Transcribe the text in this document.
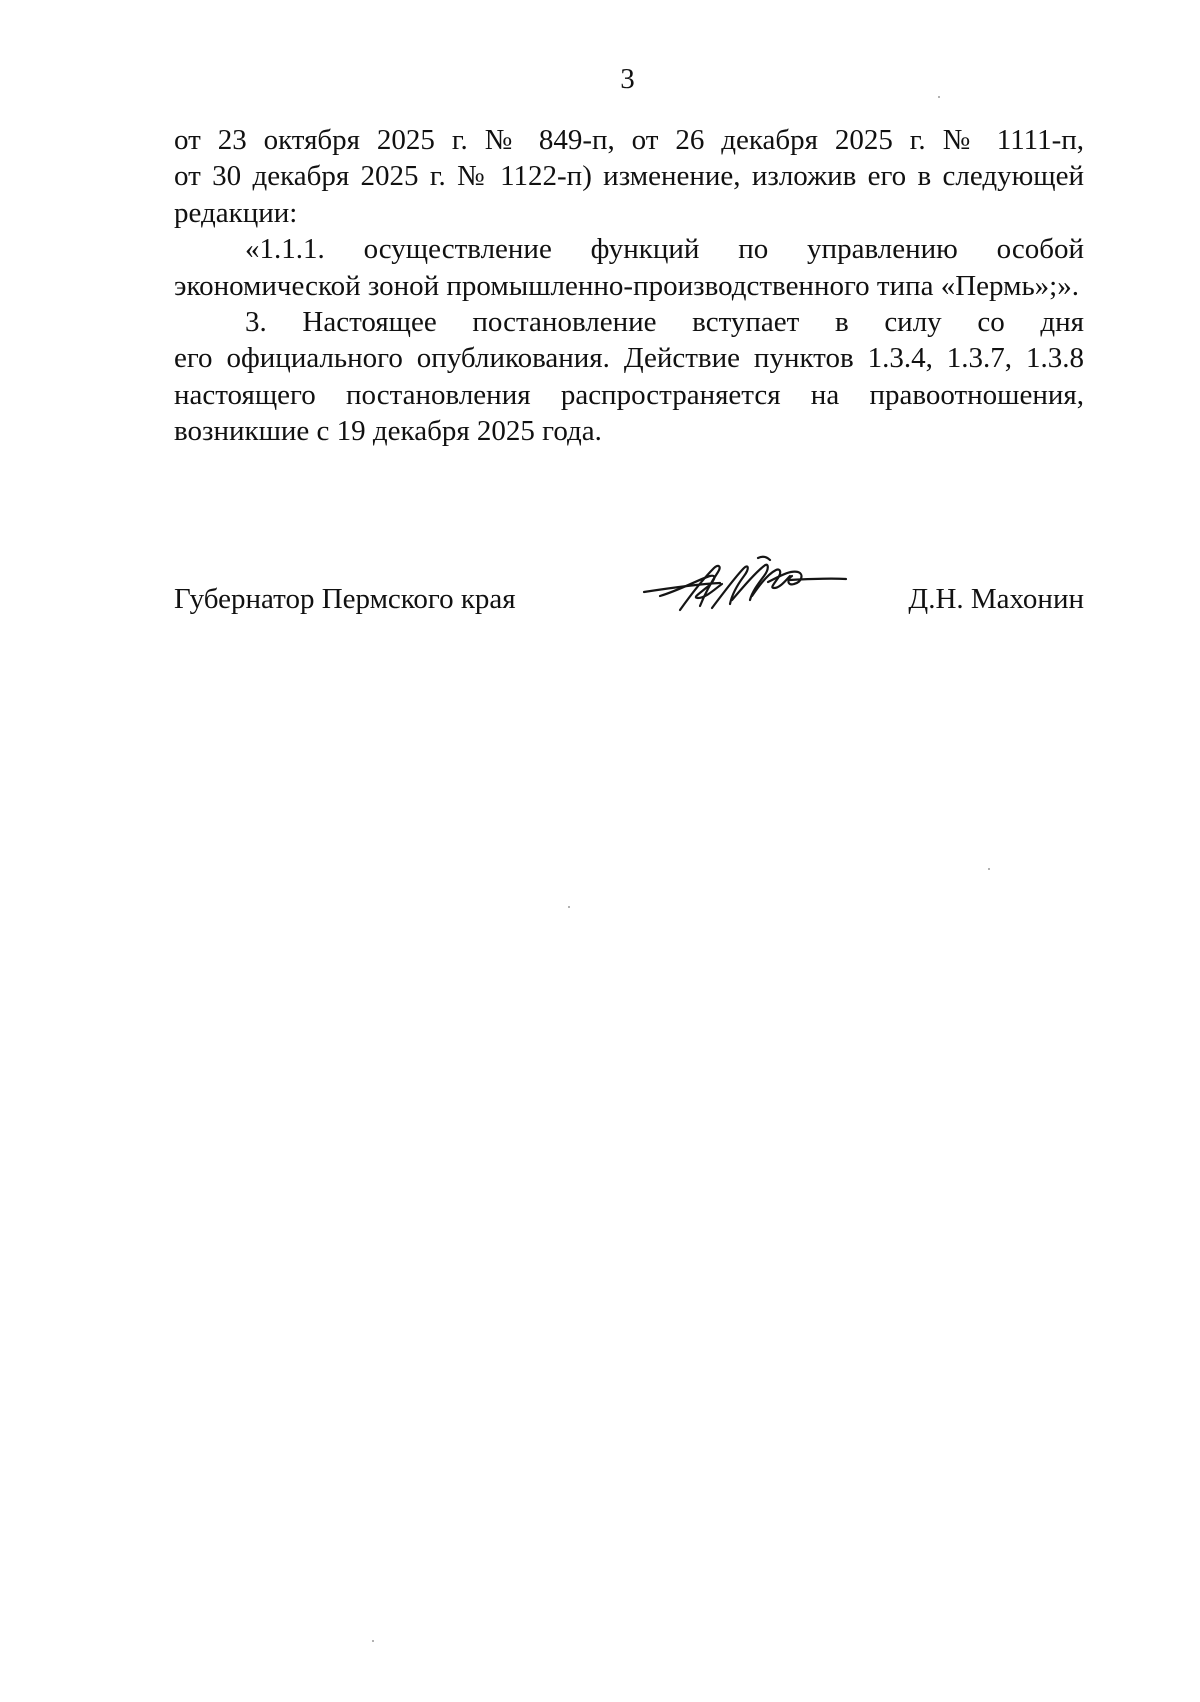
3

от 23 октября 2025 г. № 849-п, от 26 декабря 2025 г. № 1111-п,
от 30 декабря 2025 г. № 1122-п) изменение, изложив его в следующей
редакции:

«1.1.1. осуществление функций по управлению особой
экономической зоной промышленно-производственного типа «Пермь»;».

3. Настоящее постановление вступает в силу со дня
его официального опубликования. Действие пунктов 1.3.4, 1.3.7, 1.3.8
настоящего постановления распространяется на правоотношения,
возникшие с 19 декабря 2025 года.

Губернатор Пермского края	Д.Н. Махонин
